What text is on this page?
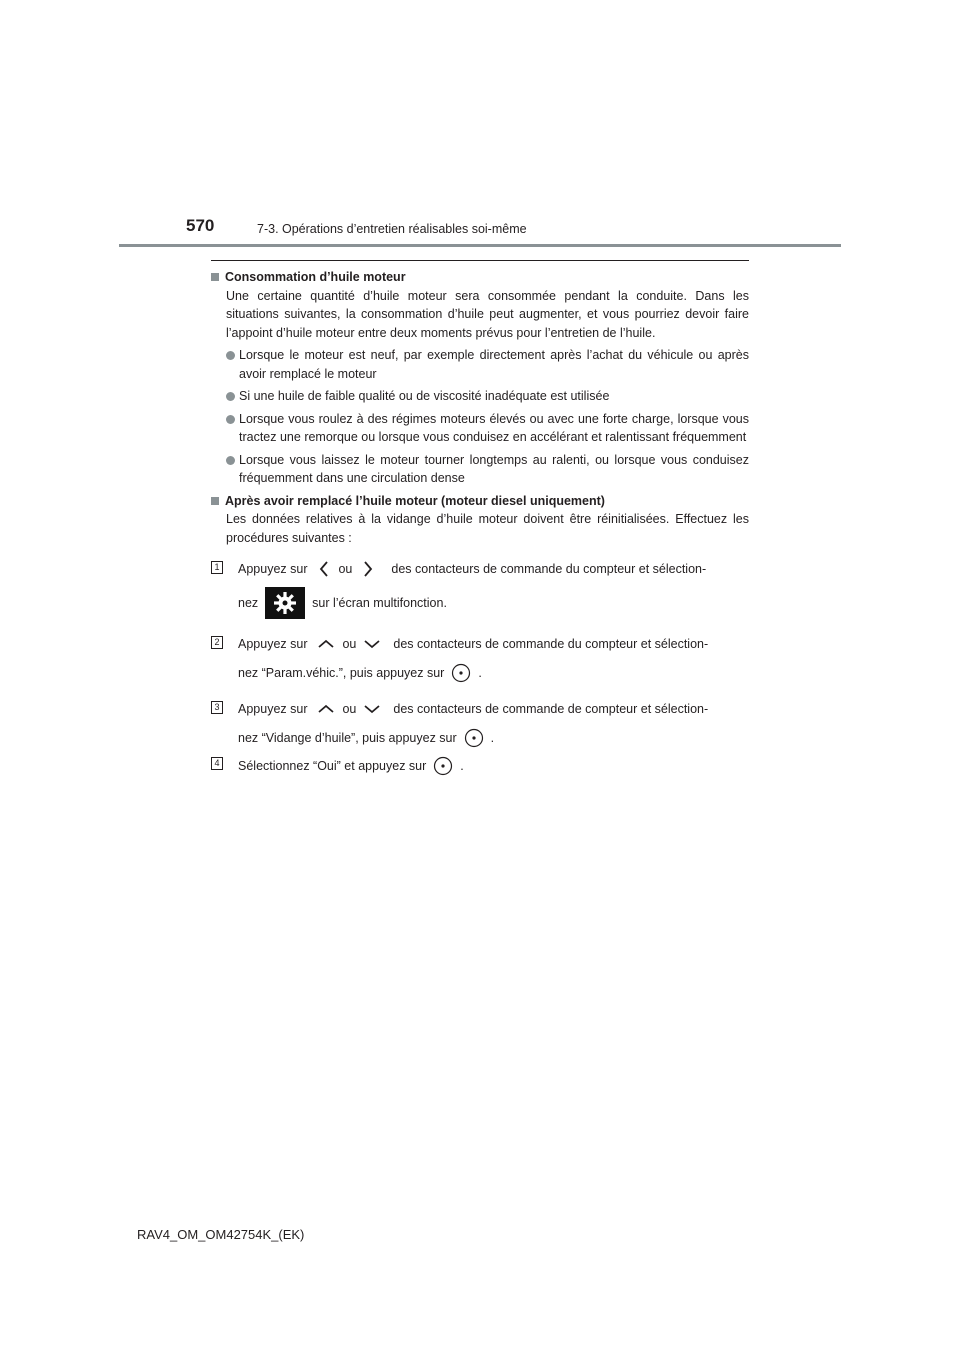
570	7-3. Opérations d’entretien réalisables soi-même
Consommation d’huile moteur
Une certaine quantité d’huile moteur sera consommée pendant la conduite. Dans les situations suivantes, la consommation d’huile peut augmenter, et vous pourriez devoir faire l’appoint d’huile moteur entre deux moments prévus pour l’entretien de l’huile.
Lorsque le moteur est neuf, par exemple directement après l’achat du véhicule ou après avoir remplacé le moteur
Si une huile de faible qualité ou de viscosité inadéquate est utilisée
Lorsque vous roulez à des régimes moteurs élevés ou avec une forte charge, lorsque vous tractez une remorque ou lorsque vous conduisez en accélérant et ralentissant fréquemment
Lorsque vous laissez le moteur tourner longtemps au ralenti, ou lorsque vous conduisez fréquemment dans une circulation dense
Après avoir remplacé l’huile moteur (moteur diesel uniquement)
Les données relatives à la vidange d’huile moteur doivent être réinitialisées. Effectuez les procédures suivantes :
1 Appuyez sur ou	des contacteurs de commande du compteur et sélection-
nez	sur l’écran multifonction.
2 Appuyez sur	ou	des contacteurs de commande du compteur et sélection-
nez “Param.véhic.”, puis appuyez sur	.
3 Appuyez sur	ou	des contacteurs de commande de compteur et sélection-
nez “Vidange d’huile”, puis appuyez sur	.
4 Sélectionnez “Oui” et appuyez sur	.
RAV4_OM_OM42754K_(EK)
